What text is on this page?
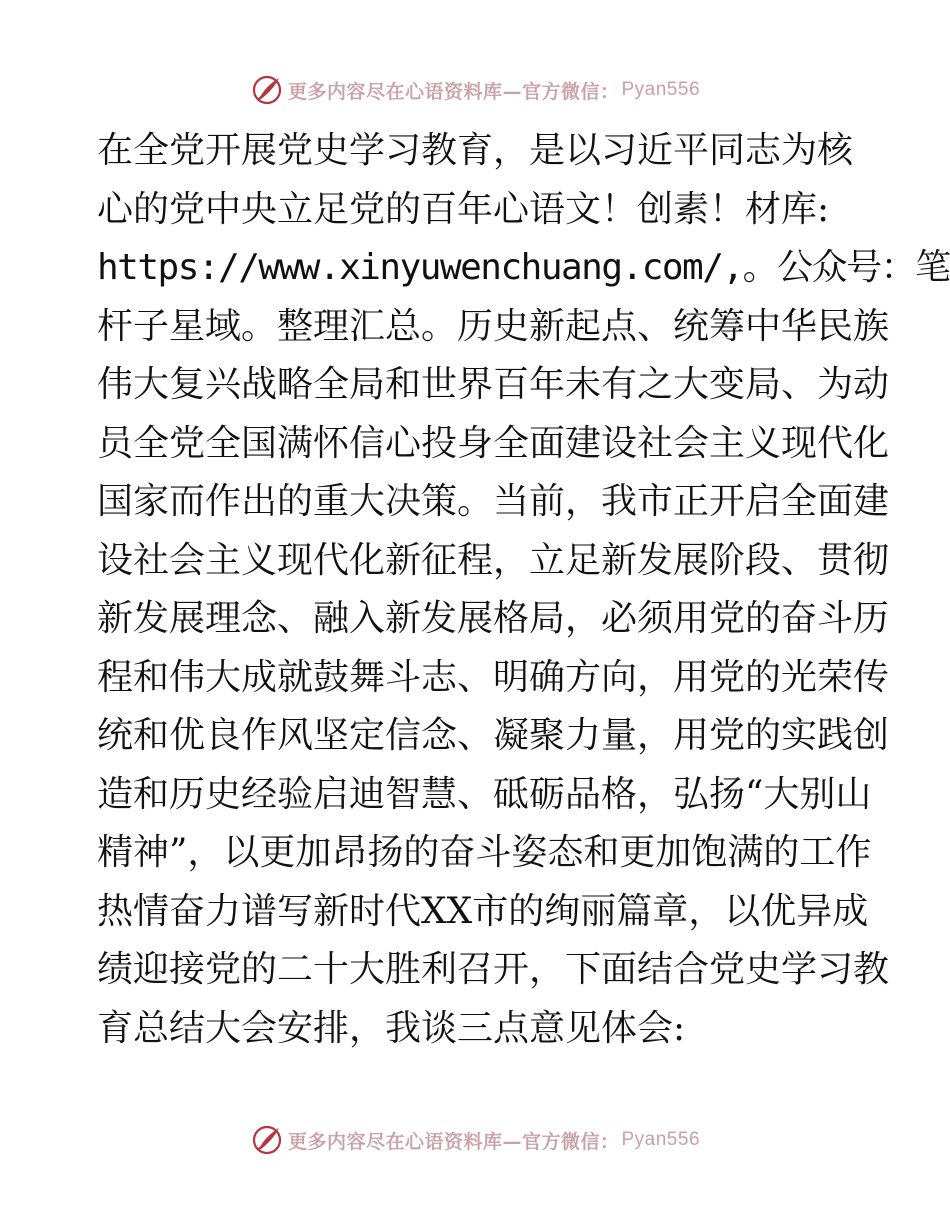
更多内容尽在心语资料库 —官方微信： Pyan556
在全党开展党史学习教育，是以习近平同志为核
心的党中央立足党的百年心语文！创素！材库:
https://www.xinyuwenchuang.com/,。公众号：笔
杆子星域。整理汇总。历史新起点、统筹中华民族
伟大复兴战略全局和世界百年未有之大变局、为动
员全党全国满怀信心投身全面建设社会主义现代化
国家而作出的重大决策。当前，我市正开启全面建
设社会主义现代化新征程，立足新发展阶段、贯彻
新发展理念、融入新发展格局，必须用党的奋斗历
程和伟大成就鼓舞斗志、明确方向，用党的光荣传
统和优良作风坚定信念、凝聚力量，用党的实践创
造和历史经验启迪智慧、砥砺品格，弘扬“大别山
精神”，以更加昂扬的奋斗姿态和更加饱满的工作
热情奋力谱写新时代XX市的绚丽篇章，以优异成
绩迎接党的二十大胜利召开，下面结合党史学习教
育总结大会安排，我谈三点意见体会:
更多内容尽在心语资料库 —官方微信： Pyan556
